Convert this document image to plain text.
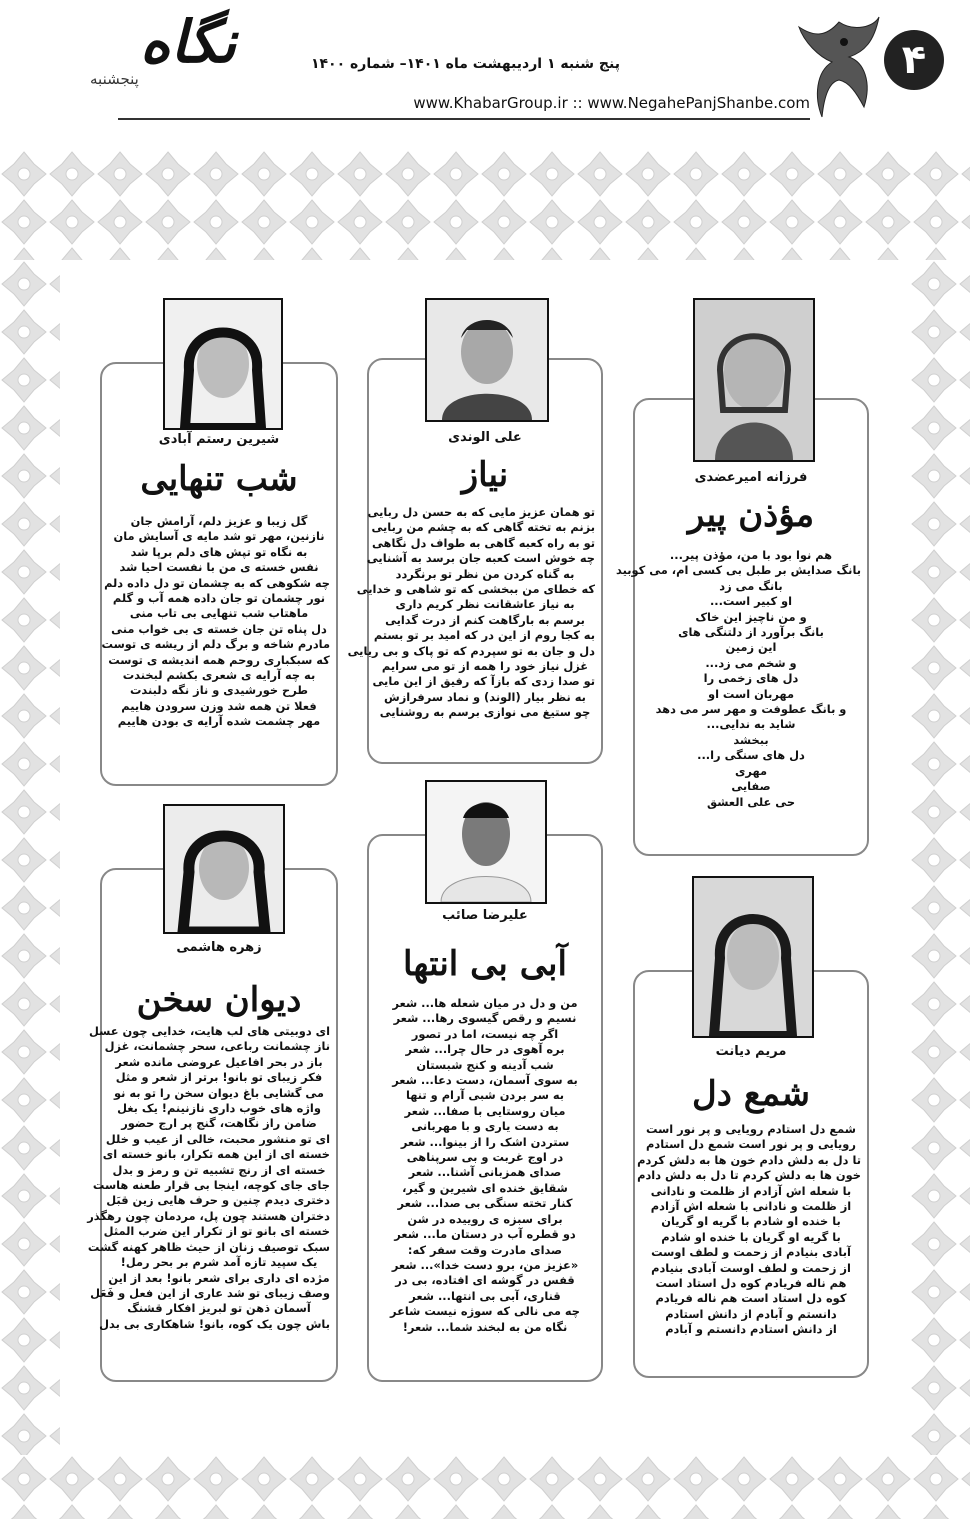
۴
پنج شنبه ۱ اردیبهشت ماه ۱۴۰۱– شماره ۱۴۰۰
www.KhabarGroup.ir :: www.NegahePanjShanbe.com
نگاه
پنجشنبه
فرزانه امیرعضدی
مؤذن پیر
هم نوا بود با من، مؤذن پیر...
بانگ صدایش بر طبل بی کسی ام، می کوبید
بانگ می زد
او کبیر است...
و من ناچیز این خاک
بانگ برآورد از دلتنگی های
این زمین
و شخم می زد...
دل های زخمی را
مهربان است او
و بانگ عطوفت و مهر سر می دهد
شاید به ندایی...
ببخشد
دل های سنگی را...
مهری
صفایی
حی علی العشق
علی الوندی
نیاز
تو همان عزیز مایی که به حسن دل ربایی
بزنم به تخته گاهی که به چشم من ربایی
تو به راه کعبه گاهی به طواف دل نگاهی
چه خوش است کعبه جان برسد به آشنایی
به گناه کردن من نظر تو برنگردد
که خطای من ببخشی که تو شاهی و خدایی
به نیاز عاشقانت نظر کریم داری
برسم به بارگاهت کنم از درت گدایی
به کجا روم از این در که امید بر تو بستم
دل و جان به تو سپردم که تو پاک و بی ریایی
غزل نیاز خود را همه از تو می سرایم
تو صدا زدی که بازآ که رفیق از این مایی
به نظر بیار (الوند) و نماد سرفرازش
چو ستیغ می نوازی برسم به روشنایی
شیرین رستم آبادی
شب تنهایی
گل زیبا و عزیز دلم، آرامش جان
نازنین، مهر تو شد مایه ی آسایش مان
به نگاه تو تپش های دلم برپا شد
نفس خسته ی من با نفست احیا شد
چه شکوهی که به چشمان تو دل داده دلم
نور چشمان تو جان داده همه آب و گلم
ماهتاب شب تنهایی بی تاب منی
دل پناه تن جان خسته ی بی خواب منی
مادرم شاخه و برگ دلم از ریشه ی توست
که سبکباری روحم همه اندیشه ی توست
به چه آرایه ی شعری بکشم لبخندت
طرح خورشیدی و ناز نگه دلبندت
فعلا تن همه شد وزن سرودن هاییم
مهر چشمت شده آرایه ی بودن هاییم
مریم دیانت
شمع دل
شمع دل استادم رویایی و پر نور است
رویایی و پر نور است شمع دل استادم
تا دل به دلش دادم خون ها به دلش کردم
خون ها به دلش کردم تا دل به دلش دادم
با شعله اش آزادم از ظلمت و نادانی
از ظلمت و نادانی با شعله اش آزادم
با خنده او شادم با گریه او گریان
با گریه او گریان با خنده او شادم
آبادی بنیادم از زحمت و لطف اوست
از زحمت و لطف اوست آبادی بنیادم
هم ناله فریادم کوه دل استاد است
کوه دل استاد است هم ناله فریادم
دانستم و آبادم از دانش استادم
از دانش استادم دانستم و آبادم
علیرضا صائب
آبی بی انتها
من و دل در میان شعله ها... شعر
نسیم و رقص گیسوی رها... شعر
اگر چه نیست، اما در تصور
بره آهوی در حال چرا... شعر
شب آدینه و کنج شبستان
به سوی آسمان، دست دعا... شعر
به سر بردن شبی آرام و تنها
میان روستایی با صفا... شعر
به دست یاری و با مهربانی
ستردن اشک را از بینوا... شعر
در اوج غربت و بی سرپناهی
صدای همزبانی آشنا... شعر
شقایق خنده ای شیرین و گیر،
کنار تخته سنگی بی صدا... شعر
برای سبزه ی روییده در شن
دو قطره آب در دستان ما... شعر
صدای مادرت وقت سفر که:
«عزیز من، برو دست خدا»... شعر
قفس در گوشه ای افتاده، بی در
قناری، آبی بی انتها... شعر
چه می نالی که سوژه نیست شاعر
نگاه من به لبخند شما... شعر!
زهره هاشمی
دیوان سخن
ای دوبیتی های لب هایت، خدایی چون عسل
ناز چشمانت رباعی، سحر چشمانت، غزل
باز در بحر افاعیل عروضی مانده شعر
فکر زیبای تو بانو! برتر از شعر و مثل
می گشایی باغ دیوان سخن را تو به نو
واژه های خوب داری نازنینم! یک بغل
ضامن راز نگاهت، گنج پر ارج حضور
ای تو منشور محبت، خالی از عیب و خلل
خسته ای از این همه تکرار، بانو خسته ای
خسته ای از رنج تشبیه تن و رمز و بدل
جای جای کوچه، اینجا بی قرار طعنه هاست
دختری دیدم چنین و حرف هایی زین قبَل
دختران هستند چون پل، مردمان چون رهگذر
خسته ای بانو تو از تکرار این ضرب المثل
سبک توصیف زنان از حیث ظاهر کهنه گشت
یک سپید تازه آمد شرم بر بحر رمل!
مژده ای داری برای شعر بانو! بعد از این
وصف زیبای تو شد عاری از این فعل و فَعَل
آسمان ذهن تو لبریز افکار قشنگ
باش چون یک کوه، بانو! شاهکاری بی بدل
